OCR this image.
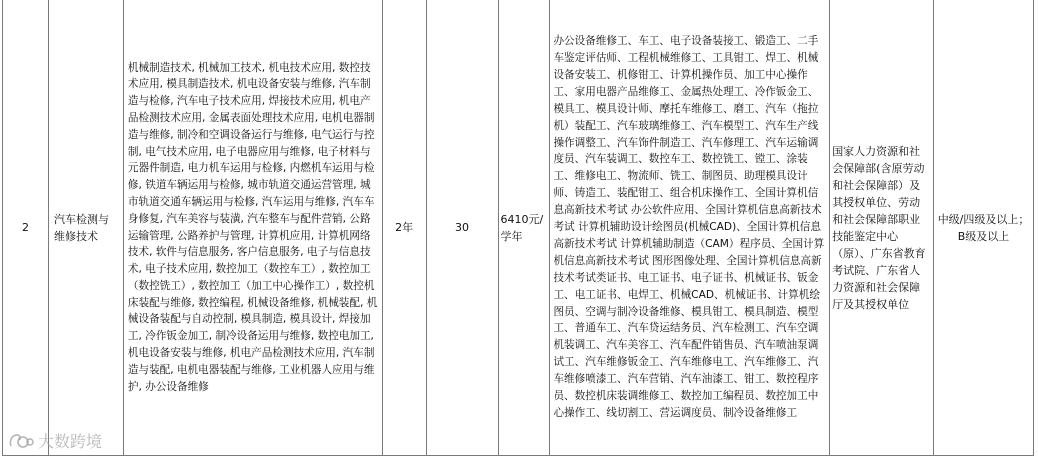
2
汽车检测与维修技术
机械制造技术, 机械加工技术, 机电技术应用, 数控技术应用, 模具制造技术, 机电设备安装与维修, 汽车制造与检修, 汽车电子技术应用, 焊接技术应用, 机电产品检测技术应用, 金属表面处理技术应用, 电机电器制造与维修, 制冷和空调设备运行与维修, 电气运行与控制, 电气技术应用, 电子电器应用与维修, 电子材料与元器件制造, 电力机车运用与检修, 内燃机车运用与检修, 铁道车辆运用与检修, 城市轨道交通运营管理, 城市轨道交通车辆运用与检修, 汽车运用与维修, 汽车车身修复, 汽车美容与装潢, 汽车整车与配件营销, 公路运输管理, 公路养护与管理, 计算机应用, 计算机网络技术, 软件与信息服务, 客户信息服务, 电子与信息技术, 电子技术应用, 数控加工（数控车工）, 数控加工（数控铣工）, 数控加工（加工中心操作工）, 数控机床装配与维修, 数控编程, 机械设备维修, 机械装配, 机械设备装配与自动控制, 模具制造, 模具设计, 焊接加工, 冷作钣金加工, 制冷设备运用与维修, 数控电加工, 机电设备安装与维修, 机电产品检测技术应用, 汽车制造与装配, 电机电器装配与维修, 工业机器人应用与维护, 办公设备维修
2年	30
6410元/学年
办公设备维修工、车工、电子设备装接工、锻造工、二手车鉴定评估师、工程机械维修工、工具钳工、焊工、机械设备安装工、机修钳工、计算机操作员、加工中心操作工、家用电器产品维修工、金属热处理工、冷作钣金工、模具工、模具设计师、摩托车维修工、磨工、汽车（拖拉机）装配工、汽车玻璃维修工、汽车模型工、汽车生产线操作调整工、汽车饰件制造工、汽车修理工、汽车运输调度员、汽车装调工、数控车工、数控铣工、镗工、涂装工、维修电工、物流师、铣工、制图员、助理模具设计师、铸造工、装配钳工、组合机床操作工、全国计算机信息高新技术考试 办公软件应用、全国计算机信息高新技术考试 计算机辅助设计绘图员(机械CAD)、全国计算机信息高新技术考试 计算机辅助制造（CAM）程序员、全国计算机信息高新技术考试 图形图像处理、全国计算机信息高新技术考试类证书、电工证书、电子证书、机械证书、钣金工、电工证书、电焊工、机械CAD、机械证书、计算机绘图员、空调与制冷设备维修、模具钳工、模具制造、模型工、普通车工、汽车贷运结务员、汽车检测工、汽车空调机装调工、汽车美容工、汽车配件销售员、汽车喷油泵调试工、汽车维修钣金工、汽车维修电工、汽车维修工、汽车维修喷漆工、汽车营销、汽车油漆工、钳工、数控程序员、数控机床装调维修工、数控加工编程员、数控加工中心操作工、线切割工、营运调度员、制冷设备维修工
国家人力资源和社会保障部(含原劳动和社会保障部）及其授权单位、劳动和社会保障部职业技能鉴定中心（原）、广东省教育考试院、广东省人力资源和社会保障厅及其授权单位
中级/四级及以上；B级及以上
大数跨境
